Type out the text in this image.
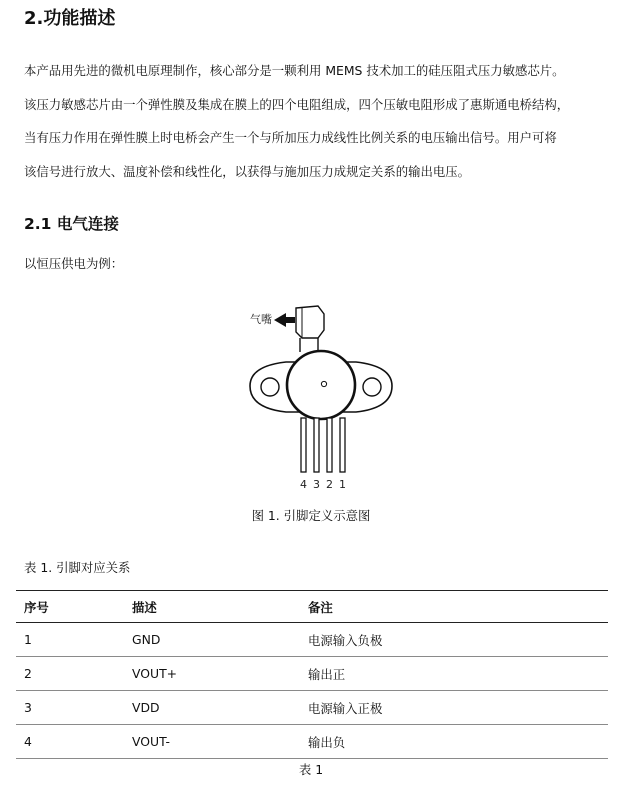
2.功能描述

本产品用先进的微机电原理制作，核心部分是一颗利用 MEMS 技术加工的硅压阻式压力敏感芯片。

该压力敏感芯片由一个弹性膜及集成在膜上的四个电阻组成，四个压敏电阻形成了惠斯通电桥结构，

当有压力作用在弹性膜上时电桥会产生一个与所加压力成线性比例关系的电压输出信号。用户可将

该信号进行放大、温度补偿和线性化，以获得与施加压力成规定关系的输出电压。

2.1 电气连接

以恒压供电为例：

气嘴
4 3 2 1
图 1. 引脚定义示意图
表 1. 引脚对应关系
序号	描述	备注
1	GND	电源输入负极
2	VOUT+	输出正
3	VDD	电源输入正极
4	VOUT-	输出负
表 1
